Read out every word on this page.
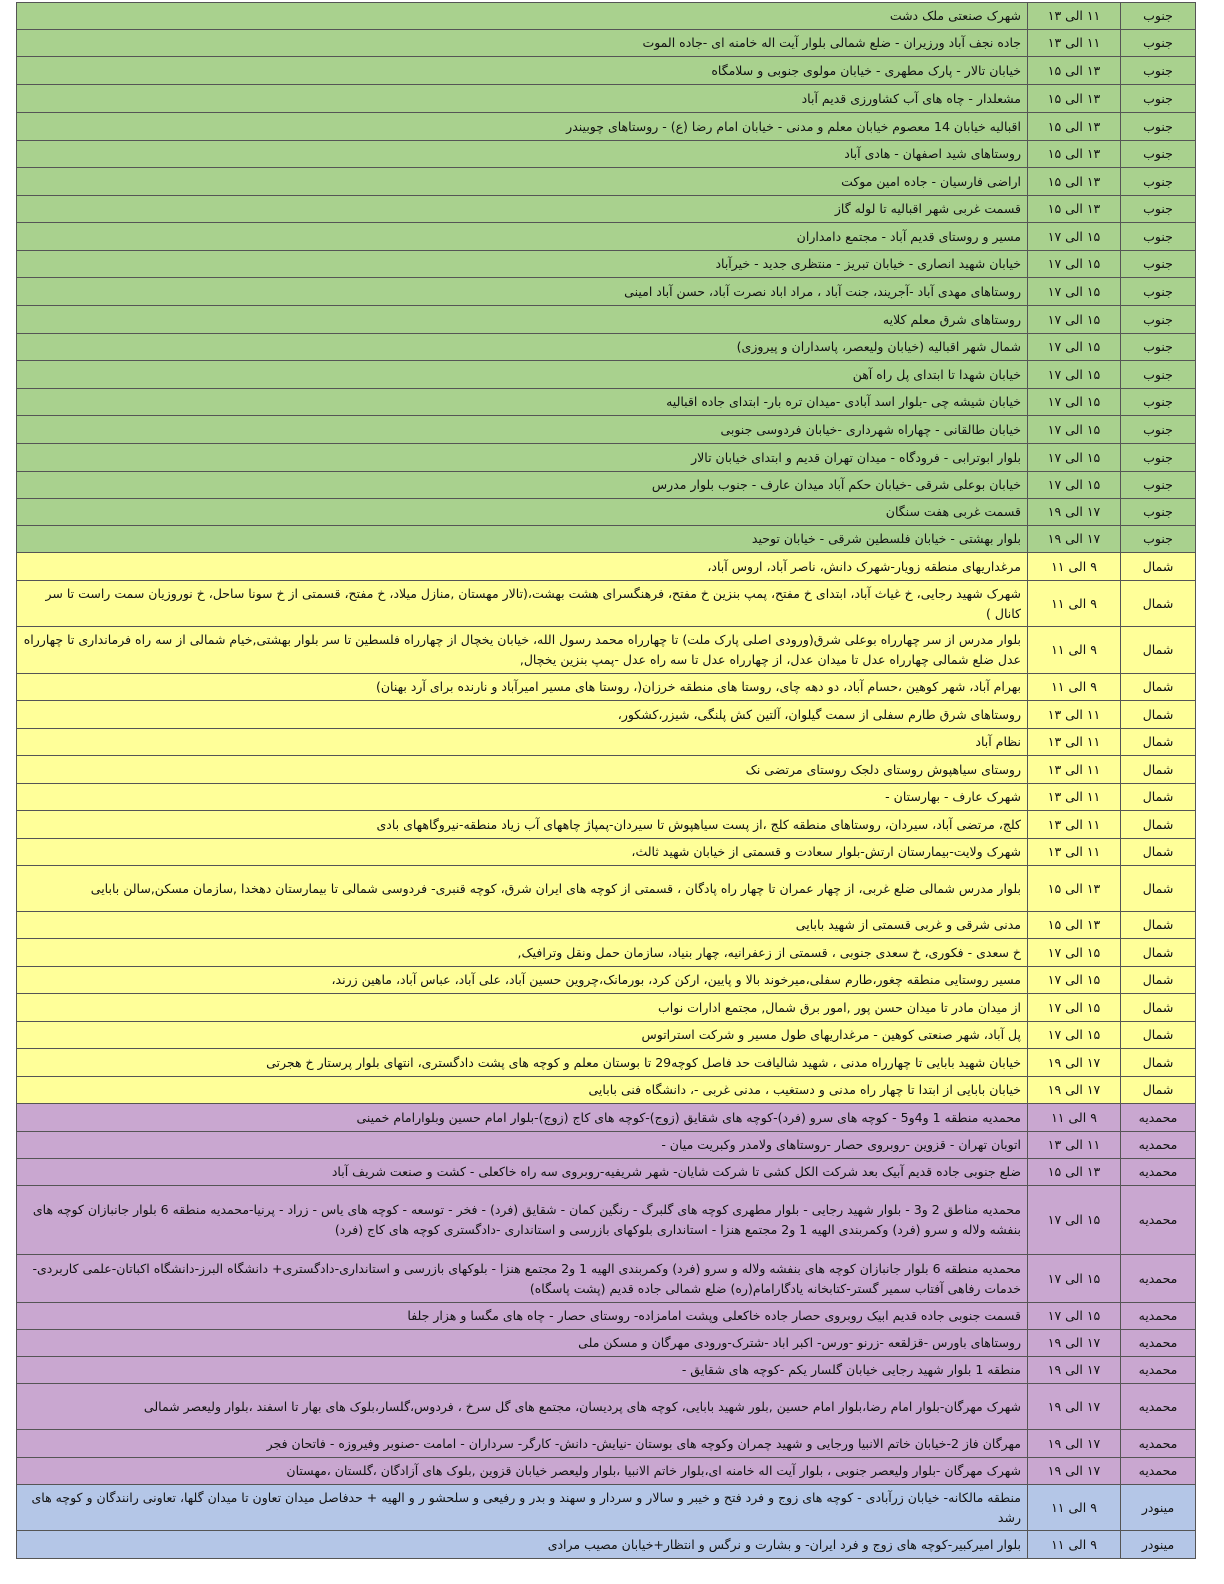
جنوب	۱۱ الی ۱۳	شهرک صنعتی ملک دشت
جنوب	۱۱ الی ۱۳	جاده نجف آباد ورزیران - ضلع شمالی بلوار آیت اله خامنه ای -جاده الموت
جنوب	۱۳ الی ۱۵	خیابان تالار - پارک مطهری - خیابان مولوی جنوبی و سلامگاه
جنوب	۱۳ الی ۱۵	مشعلدار - چاه های آب کشاورزی قدیم آباد
جنوب	۱۳ الی ۱۵	اقبالیه خیابان 14 معصوم خیابان معلم و مدنی - خیابان امام رضا (ع) - روستاهای چوبیندر
جنوب	۱۳ الی ۱۵	روستاهای شید اصفهان - هادی آباد
جنوب	۱۳ الی ۱۵	اراضی فارسیان - جاده امین موکت
جنوب	۱۳ الی ۱۵	قسمت غربی شهر اقبالیه تا لوله گاز
جنوب	۱۵ الی ۱۷	مسیر و روستای قدیم آباد - مجتمع دامداران
جنوب	۱۵ الی ۱۷	خیابان شهید انصاری - خیابان تبریز - منتظری جدید - خیرآباد
جنوب	۱۵ الی ۱۷	روستاهای مهدی آباد -آجریند، جنت آباد ، مراد اباد نصرت آباد، حسن آباد امینی
جنوب	۱۵ الی ۱۷	روستاهای شرق معلم کلایه
جنوب	۱۵ الی ۱۷	شمال شهر اقبالیه (خیابان ولیعصر، پاسداران و پیروزی)
جنوب	۱۵ الی ۱۷	خیابان شهدا تا ابتدای پل راه آهن
جنوب	۱۵ الی ۱۷	خیابان شیشه چی -بلوار اسد آبادی -میدان تره بار- ابتدای جاده اقبالیه
جنوب	۱۵ الی ۱۷	خیابان طالقانی - چهاراه شهرداری -خیابان فردوسی جنوبی
جنوب	۱۵ الی ۱۷	بلوار ابوترابی - فرودگاه - میدان تهران قدیم و ابتدای خیابان تالار
جنوب	۱۵ الی ۱۷	خیابان بوعلی شرقی -خیابان حکم آباد میدان عارف - جنوب بلوار مدرس
جنوب	۱۷ الی ۱۹	قسمت غربی هفت سنگان
جنوب	۱۷ الی ۱۹	بلوار بهشتی - خیابان فلسطین شرقی - خیابان توحید
شمال	۹ الی ۱۱	مرغداریهای منطقه زویار-شهرک دانش، ناصر آباد، اروس آباد،
شمال	۹ الی ۱۱	شهرک شهید رجایی، خ غیاث آباد، ابتدای خ مفتح، پمپ بنزین خ مفتح، فرهنگسرای هشت بهشت،(تالار مهستان ,منازل میلاد، خ مفتح، قسمتی از خ سونا ساحل، خ نوروزیان سمت راست تا سر کانال )
شمال	۹ الی ۱۱	بلوار مدرس از سر چهارراه بوعلی شرق(ورودی اصلی پارک ملت) تا چهارراه محمد رسول الله، خیابان یخچال از چهارراه فلسطین تا سر بلوار بهشتی,خیام شمالی از سه راه فرمانداری تا چهارراه عدل ضلع شمالی چهارراه عدل تا میدان عدل، از چهارراه عدل تا سه راه عدل -پمپ بنزین یخچال,
شمال	۹ الی ۱۱	بهرام آباد، شهر کوهین ،حسام آباد، دو دهه چای، روستا های منطقه خرزان(، روستا های مسیر امیرآباد و نارنده برای آرد بهنان)
شمال	۱۱ الی ۱۳	روستاهای شرق طارم سفلی از سمت گیلوان، آلتین کش پلنگی، شیزر،کشکور،
شمال	۱۱ الی ۱۳	نظام آباد
شمال	۱۱ الی ۱۳	روستای سیاهپوش روستای دلجک روستای مرتضی نک
شمال	۱۱ الی ۱۳	شهرک عارف - بهارستان -
شمال	۱۱ الی ۱۳	کلج، مرتضی آباد، سیردان، روستاهای منطقه کلج ،از پست سیاهپوش تا سیردان-پمپاژ چاههای آب زیاد منطقه-نیروگاههای بادی
شمال	۱۱ الی ۱۳	شهرک ولایت-بیمارستان ارتش-بلوار سعادت و قسمتی از خیابان شهید ثالث،
شمال	۱۳ الی ۱۵	بلوار مدرس شمالی ضلع غربی، از چهار عمران تا چهار راه پادگان ، قسمتی از کوچه های ایران شرق، کوچه قنبری- فردوسی شمالی تا بیمارستان دهخدا ,سازمان مسکن,سالن بابایی
شمال	۱۳ الی ۱۵	مدنی شرقی و غربی قسمتی از شهید بابایی
شمال	۱۵ الی ۱۷	خ سعدی - فکوری، خ سعدی جنوبی ، قسمتی از زعفرانیه، چهار بنیاد، سازمان حمل ونقل وترافیک,
شمال	۱۵ الی ۱۷	مسیر روستایی منطقه چغور،طارم سفلی،میرخوند بالا و پایین، ارکن کرد، بورمانک،چروین حسین آباد، علی آباد، عباس آباد، ماهین زرند،
شمال	۱۵ الی ۱۷	از میدان مادر تا میدان حسن پور ,امور برق شمال, مجتمع ادارات نواب
شمال	۱۵ الی ۱۷	پل آباد، شهر صنعتی کوهین - مرغداریهای طول مسیر و شرکت استراتوس
شمال	۱۷ الی ۱۹	خیابان شهید بابایی تا چهارراه مدنی ، شهید شالیافت حد فاصل کوچه29 تا بوستان معلم و کوچه های پشت دادگستری، انتهای بلوار پرستار خ هجرتی
شمال	۱۷ الی ۱۹	خیابان بابایی از ابتدا تا چهار راه مدنی و دستغیب ، مدنی غربی -، دانشگاه فنی بابایی
محمدیه	۹ الی ۱۱	محمدیه منطقه 1 و4و5 - کوچه های سرو (فرد)-کوچه های شقایق (زوج)-کوچه های کاج (زوج)-بلوار امام حسین وبلوارامام خمینی
محمدیه	۱۱ الی ۱۳	اتوبان تهران - قزوین -روبروی حصار -روستاهای ولامدر وکبریت میان -
محمدیه	۱۳ الی ۱۵	ضلع جنوبی جاده قدیم آبیک بعد شرکت الکل کشی تا شرکت شایان- شهر شریفیه-روبروی سه راه خاکعلی - کشت و صنعت شریف آباد
محمدیه	۱۵ الی ۱۷	محمدیه مناطق 2 و3 - بلوار شهید رجایی - بلوار مطهری کوچه های گلبرگ - رنگین کمان - شقایق (فرد) - فخر - توسعه - کوچه های یاس - زراد - پرنیا-محمدیه منطقه 6 بلوار جانبازان کوچه های بنفشه ولاله و سرو (فرد) وکمربندی الهیه 1 و2 مجتمع هنزا - استانداری بلوکهای بازرسی و استانداری -دادگستری کوچه های کاج (فرد)
محمدیه	۱۵ الی ۱۷	محمدیه منطقه 6 بلوار جانبازان کوچه های بنفشه ولاله و سرو (فرد) وکمربندی الهیه 1 و2 مجتمع هنزا - بلوکهای بازرسی و استانداری-دادگستری+ دانشگاه البرز-دانشگاه اکباتان-علمی کاربردی-خدمات رفاهی آفتاب سمیر گستر-کتابخانه یادگارامام(ره) ضلع شمالی جاده قدیم (پشت پاسگاه)
محمدیه	۱۵ الی ۱۷	قسمت جنوبی جاده قدیم ابیک روبروی حصار جاده خاکعلی وپشت امامزاده- روستای حصار - چاه های مگسا و هزار جلفا
محمدیه	۱۷ الی ۱۹	روستاهای باورس -قزلقعه -زرنو -ورس- اکبر اباد -شترک-ورودی مهرگان و مسکن ملی
محمدیه	۱۷ الی ۱۹	منطقه 1 بلوار شهید رجایی خیابان گلسار یکم -کوچه های شقایق -
محمدیه	۱۷ الی ۱۹	شهرک مهرگان-بلوار امام رضا،بلوار امام حسین ,بلور شهید بابایی، کوچه های پردیسان، مجتمع های گل سرخ ، فردوس،گلسار،بلوک های بهار تا اسفند ،بلوار ولیعصر شمالی
محمدیه	۱۷ الی ۱۹	مهرگان فاز 2-خیابان خاتم الانبیا ورجایی و شهید چمران وکوچه های بوستان -نیایش- دانش- کارگر- سرداران - امامت -صنوبر وفیروزه - فاتحان فجر
محمدیه	۱۷ الی ۱۹	شهرک مهرگان -بلوار ولیعصر جنوبی ، بلوار آیت اله خامنه ای،بلوار خاتم الانبیا ،بلوار ولیعصر خیابان قزوین ,بلوک های آزادگان ،گلستان ،مهستان
مینودر	۹ الی ۱۱	منطقه مالکانه- خیابان زرآبادی - کوچه های زوج و فرد فتح و خیبر و سالار و سردار و سهند و بدر و رفیعی و سلحشو ر و الهیه + حدفاصل میدان تعاون تا میدان گلها، تعاونی رانندگان و کوچه های رشد
مینودر	۹ الی ۱۱	بلوار امیرکبیر-کوچه های زوج و فرد ایران- و بشارت و نرگس و انتظار+خیابان مصیب مرادی
